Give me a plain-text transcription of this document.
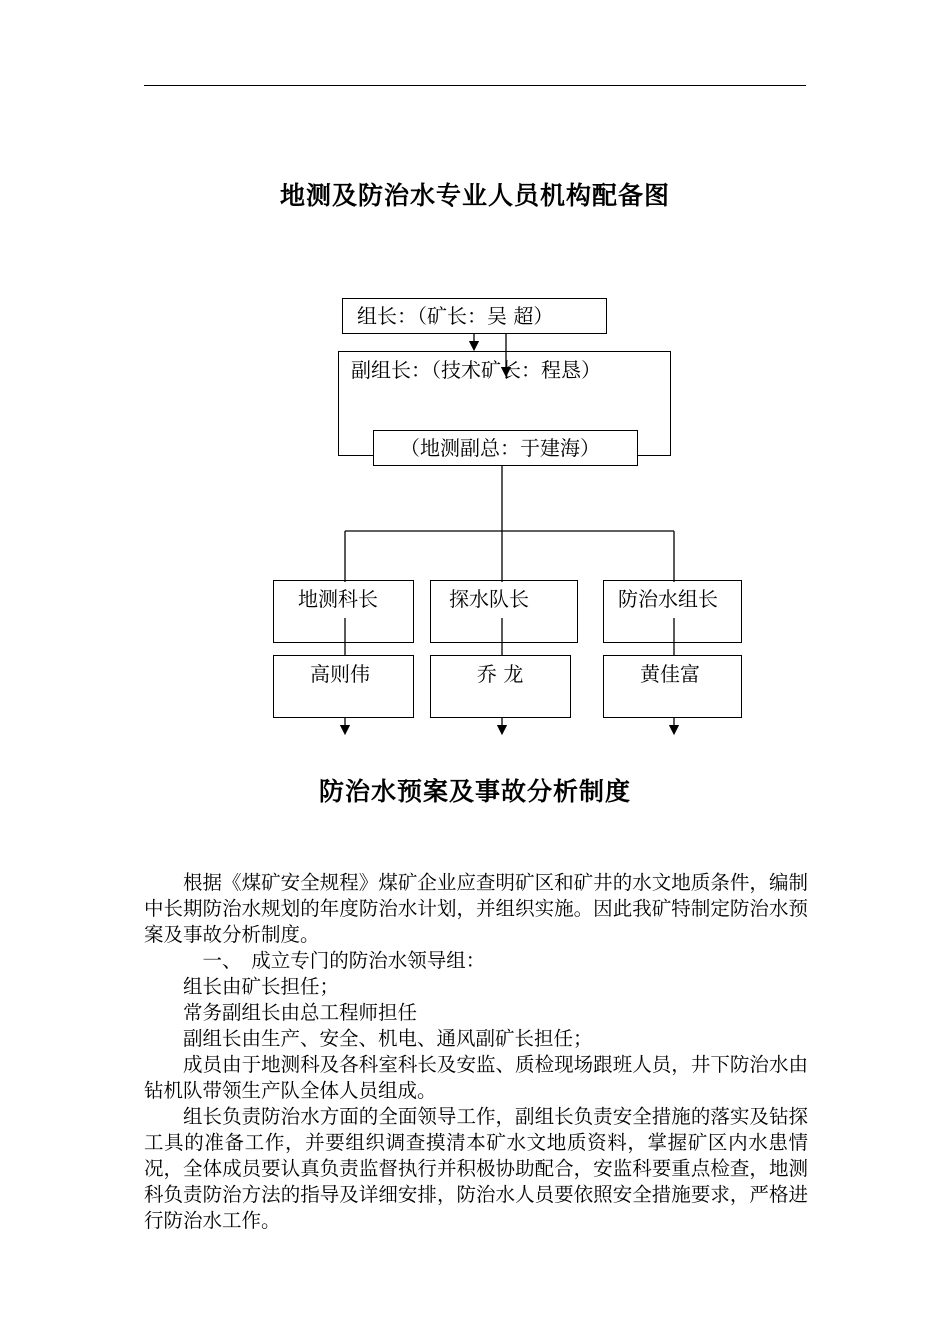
地测及防治水专业人员机构配备图
组长：（矿长：吴 超）
副组长：（技术矿长：程恳）
（地测副总：于建海）
地测科长	探水队长	防治水组长
高则伟	乔 龙	黄佳富
防治水预案及事故分析制度

根据《煤矿安全规程》煤矿企业应查明矿区和矿井的水文地质条件，编制中长期防治水规划的年度防治水计划，并组织实施。因此我矿特制定防治水预案及事故分析制度。

一、　成立专门的防治水领导组：

组长由矿长担任；

常务副组长由总工程师担任

副组长由生产、安全、机电、通风副矿长担任；

成员由于地测科及各科室科长及安监、质检现场跟班人员，井下防治水由钻机队带领生产队全体人员组成。

组长负责防治水方面的全面领导工作，副组长负责安全措施的落实及钻探工具的准备工作，并要组织调查摸清本矿水文地质资料，掌握矿区内水患情况，全体成员要认真负责监督执行并积极协助配合，安监科要重点检查，地测科负责防治方法的指导及详细安排，防治水人员要依照安全措施要求，严格进行防治水工作。
